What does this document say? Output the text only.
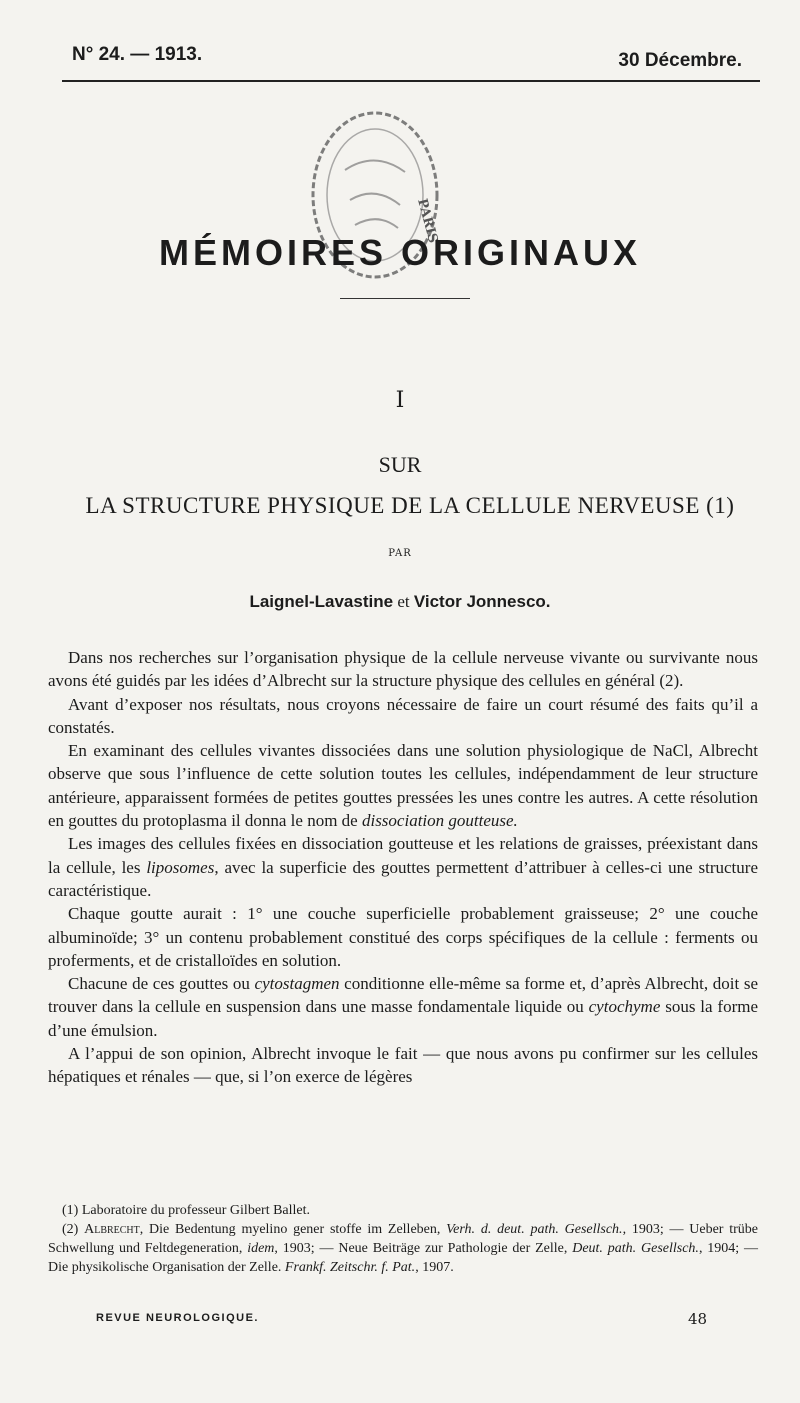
N° 24. — 1913.	30 Décembre.
PARIS
MÉMOIRES ORIGINAUX
I
SUR
LA STRUCTURE PHYSIQUE DE LA CELLULE NERVEUSE (1)
PAR
Laignel-Lavastine et Victor Jonnesco.

Dans nos recherches sur l’organisation physique de la cellule nerveuse vivante ou survivante nous avons été guidés par les idées d’Albrecht sur la structure physique des cellules en général (2).

Avant d’exposer nos résultats, nous croyons nécessaire de faire un court résumé des faits qu’il a constatés.

En examinant des cellules vivantes dissociées dans une solution physiologique de NaCl, Albrecht observe que sous l’influence de cette solution toutes les cellules, indépendamment de leur structure antérieure, apparaissent formées de petites gouttes pressées les unes contre les autres. A cette résolution en gouttes du protoplasma il donna le nom de dissociation goutteuse.

Les images des cellules fixées en dissociation goutteuse et les relations de graisses, préexistant dans la cellule, les liposomes, avec la superficie des gouttes permettent d’attribuer à celles-ci une structure caractéristique.

Chaque goutte aurait : 1° une couche superficielle probablement graisseuse; 2° une couche albuminoïde; 3° un contenu probablement constitué des corps spécifiques de la cellule : ferments ou proferments, et de cristalloïdes en solution.

Chacune de ces gouttes ou cytostagmen conditionne elle-même sa forme et, d’après Albrecht, doit se trouver dans la cellule en suspension dans une masse fondamentale liquide ou cytochyme sous la forme d’une émulsion.

A l’appui de son opinion, Albrecht invoque le fait — que nous avons pu confirmer sur les cellules hépatiques et rénales — que, si l’on exerce de légères

(1) Laboratoire du professeur Gilbert Ballet.

(2) Albrecht, Die Bedentung myelino gener stoffe im Zelleben, Verh. d. deut. path. Gesellsch., 1903; — Ueber trübe Schwellung und Feltdegeneration, idem, 1903; — Neue Beiträge zur Pathologie der Zelle, Deut. path. Gesellsch., 1904; — Die physikolische Organisation der Zelle. Frankf. Zeitschr. f. Pat., 1907.

REVUE NEUROLOGIQUE.	48
